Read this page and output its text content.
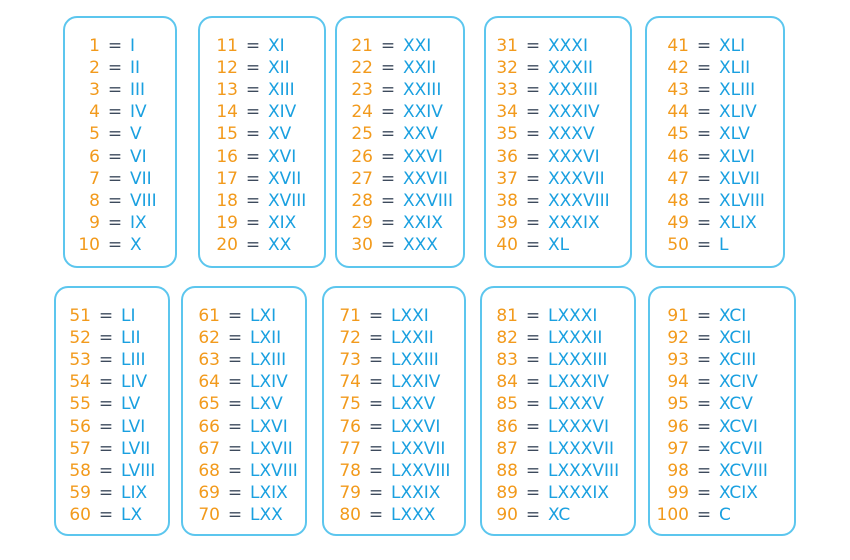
1 = I
2 = II
3 = III
4 = IV
5 = V
6 = VI
7 = VII
8 = VIII
9 = IX
10 = X
11 = XI
12 = XII
13 = XIII
14 = XIV
15 = XV
16 = XVI
17 = XVII
18 = XVIII
19 = XIX
20 = XX
21 = XXI
22 = XXII
23 = XXIII
24 = XXIV
25 = XXV
26 = XXVI
27 = XXVII
28 = XXVIII
29 = XXIX
30 = XXX
31 = XXXI
32 = XXXII
33 = XXXIII
34 = XXXIV
35 = XXXV
36 = XXXVI
37 = XXXVII
38 = XXXVIII
39 = XXXIX
40 = XL
41 = XLI
42 = XLII
43 = XLIII
44 = XLIV
45 = XLV
46 = XLVI
47 = XLVII
48 = XLVIII
49 = XLIX
50 = L
51 = LI
52 = LII
53 = LIII
54 = LIV
55 = LV
56 = LVI
57 = LVII
58 = LVIII
59 = LIX
60 = LX
61 = LXI
62 = LXII
63 = LXIII
64 = LXIV
65 = LXV
66 = LXVI
67 = LXVII
68 = LXVIII
69 = LXIX
70 = LXX
71 = LXXI
72 = LXXII
73 = LXXIII
74 = LXXIV
75 = LXXV
76 = LXXVI
77 = LXXVII
78 = LXXVIII
79 = LXXIX
80 = LXXX
81 = LXXXI
82 = LXXXII
83 = LXXXIII
84 = LXXXIV
85 = LXXXV
86 = LXXXVI
87 = LXXXVII
88 = LXXXVIII
89 = LXXXIX
90 = XC
91 = XCI
92 = XCII
93 = XCIII
94 = XCIV
95 = XCV
96 = XCVI
97 = XCVII
98 = XCVIII
99 = XCIX
100 = C
